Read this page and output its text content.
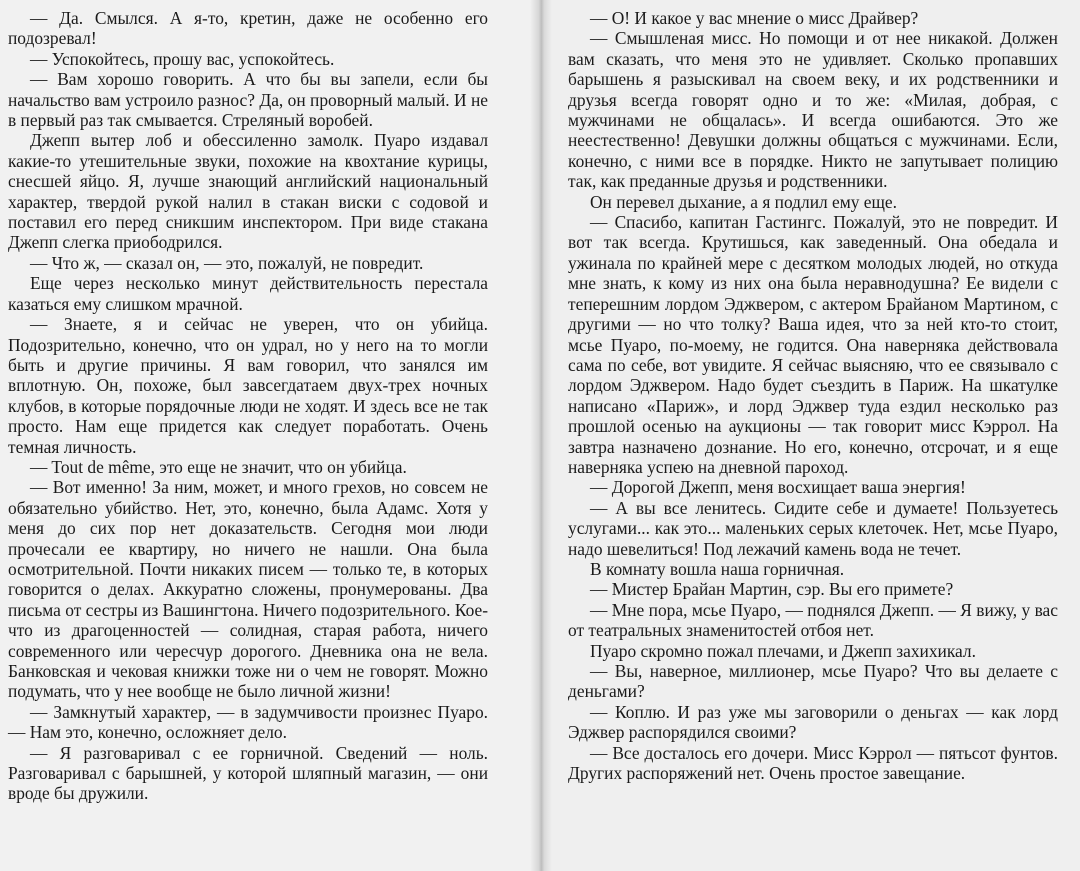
— Да. Смылся. А я-то, кретин, даже не особенно его подозревал!

— Успокойтесь, прошу вас, успокойтесь.

— Вам хорошо говорить. А что бы вы запели, если бы начальство вам устроило разнос? Да, он проворный малый. И не в первый раз так смывается. Стреляный воробей.

Джепп вытер лоб и обессиленно замолк. Пуаро издавал какие-то утешительные звуки, похожие на квохтание курицы, снесшей яйцо. Я, лучше знающий английский национальный характер, твердой рукой налил в стакан виски с содовой и поставил его перед сникшим инспектором. При виде стакана Джепп слегка приободрился.

— Что ж, — сказал он, — это, пожалуй, не повредит.

Еще через несколько минут действительность перестала казаться ему слишком мрачной.

— Знаете, я и сейчас не уверен, что он убийца. Подозрительно, конечно, что он удрал, но у него на то могли быть и другие причины. Я вам говорил, что занялся им вплотную. Он, похоже, был завсегдатаем двух-трех ночных клубов, в которые порядочные люди не ходят. И здесь все не так просто. Нам еще придется как следует поработать. Очень темная личность.

— Tout de même, это еще не значит, что он убийца.

— Вот именно! За ним, может, и много грехов, но совсем не обязательно убийство. Нет, это, конечно, была Адамс. Хотя у меня до сих пор нет доказательств. Сегодня мои люди прочесали ее квартиру, но ничего не нашли. Она была осмотрительной. Почти никаких писем — только те, в которых говорится о делах. Аккуратно сложены, пронумерованы. Два письма от сестры из Вашингтона. Ничего подозрительного. Кое-что из драгоценностей — солидная, старая работа, ничего современного или чересчур дорогого. Дневника она не вела. Банковская и чековая книжки тоже ни о чем не говорят. Можно подумать, что у нее вообще не было личной жизни!

— Замкнутый характер, — в задумчивости произнес Пуаро. — Нам это, конечно, осложняет дело.

— Я разговаривал с ее горничной. Сведений — ноль. Разговаривал с барышней, у которой шляпный магазин, — они вроде бы дружили.

— О! И какое у вас мнение о мисс Драйвер?

— Смышленая мисс. Но помощи и от нее никакой. Должен вам сказать, что меня это не удивляет. Сколько пропавших барышень я разыскивал на своем веку, и их родственники и друзья всегда говорят одно и то же: «Милая, добрая, с мужчинами не общалась». И всегда ошибаются. Это же неестественно! Девушки должны общаться с мужчинами. Если, конечно, с ними все в порядке. Никто не запутывает полицию так, как преданные друзья и родственники.

Он перевел дыхание, а я подлил ему еще.

— Спасибо, капитан Гастингс. Пожалуй, это не повредит. И вот так всегда. Крутишься, как заведенный. Она обедала и ужинала по крайней мере с десятком молодых людей, но откуда мне знать, к кому из них она была неравнодушна? Ее видели с теперешним лордом Эджвером, с актером Брайаном Мартином, с другими — но что толку? Ваша идея, что за ней кто-то стоит, мсье Пуаро, по-моему, не годится. Она наверняка действовала сама по себе, вот увидите. Я сейчас выясняю, что ее связывало с лордом Эджвером. Надо будет съездить в Париж. На шкатулке написано «Париж», и лорд Эджвер туда ездил несколько раз прошлой осенью на аукционы — так говорит мисс Кэррол. На завтра назначено дознание. Но его, конечно, отсрочат, и я еще наверняка успею на дневной пароход.

— Дорогой Джепп, меня восхищает ваша энергия!

— А вы все ленитесь. Сидите себе и думаете! Пользуетесь услугами... как это... маленьких серых клеточек. Нет, мсье Пуаро, надо шевелиться! Под лежачий камень вода не течет.

В комнату вошла наша горничная.

— Мистер Брайан Мартин, сэр. Вы его примете?

— Мне пора, мсье Пуаро, — поднялся Джепп. — Я вижу, у вас от театральных знаменитостей отбоя нет.

Пуаро скромно пожал плечами, и Джепп захихикал.

— Вы, наверное, миллионер, мсье Пуаро? Что вы делаете с деньгами?

— Коплю. И раз уже мы заговорили о деньгах — как лорд Эджвер распорядился своими?

— Все досталось его дочери. Мисс Кэррол — пятьсот фунтов. Других распоряжений нет. Очень простое завещание.
